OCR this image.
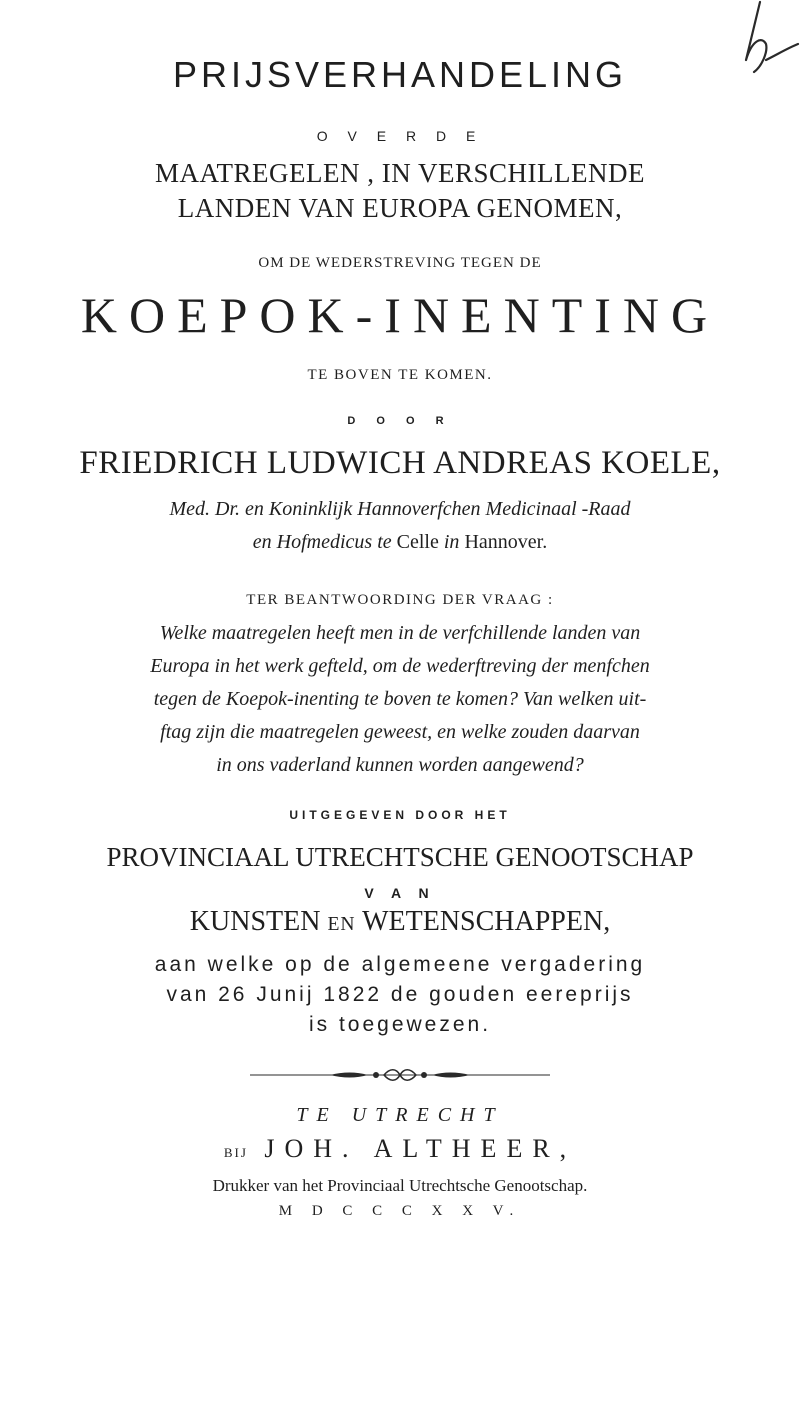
PRIJSVERHANDELING
O V E R D E
MAATREGELEN , IN VERSCHILLENDE
LANDEN VAN EUROPA GENOMEN,
OM DE WEDERSTREVING TEGEN DE
KOEPOK-INENTING
TE BOVEN TE KOMEN.
D O O R
FRIEDRICH LUDWICH ANDREAS KOELE,
Med. Dr. en Koninklijk Hannoverfchen Medicinaal -Raad
en Hofmedicus te Celle in Hannover.
TER BEANTWOORDING DER VRAAG :
Welke maatregelen heeft men in de verfchillende landen van
Europa in het werk gefteld, om de wederftreving der menfchen
tegen de Koepok-inenting te boven te komen? Van welken uit-
ftag zijn die maatregelen geweest, en welke zouden daarvan
in ons vaderland kunnen worden aangewend?
UITGEGEVEN DOOR HET
PROVINCIAAL UTRECHTSCHE GENOOTSCHAP
V A N
KUNSTEN EN WETENSCHAPPEN,
aan welke op de algemeene vergadering
van 26 Junij 1822 de gouden eereprijs
is toegewezen.
TE UTRECHT
BIJ JOH. ALTHEER,
Drukker van het Provinciaal Utrechtsche Genootschap.
M D C C C X X V.
